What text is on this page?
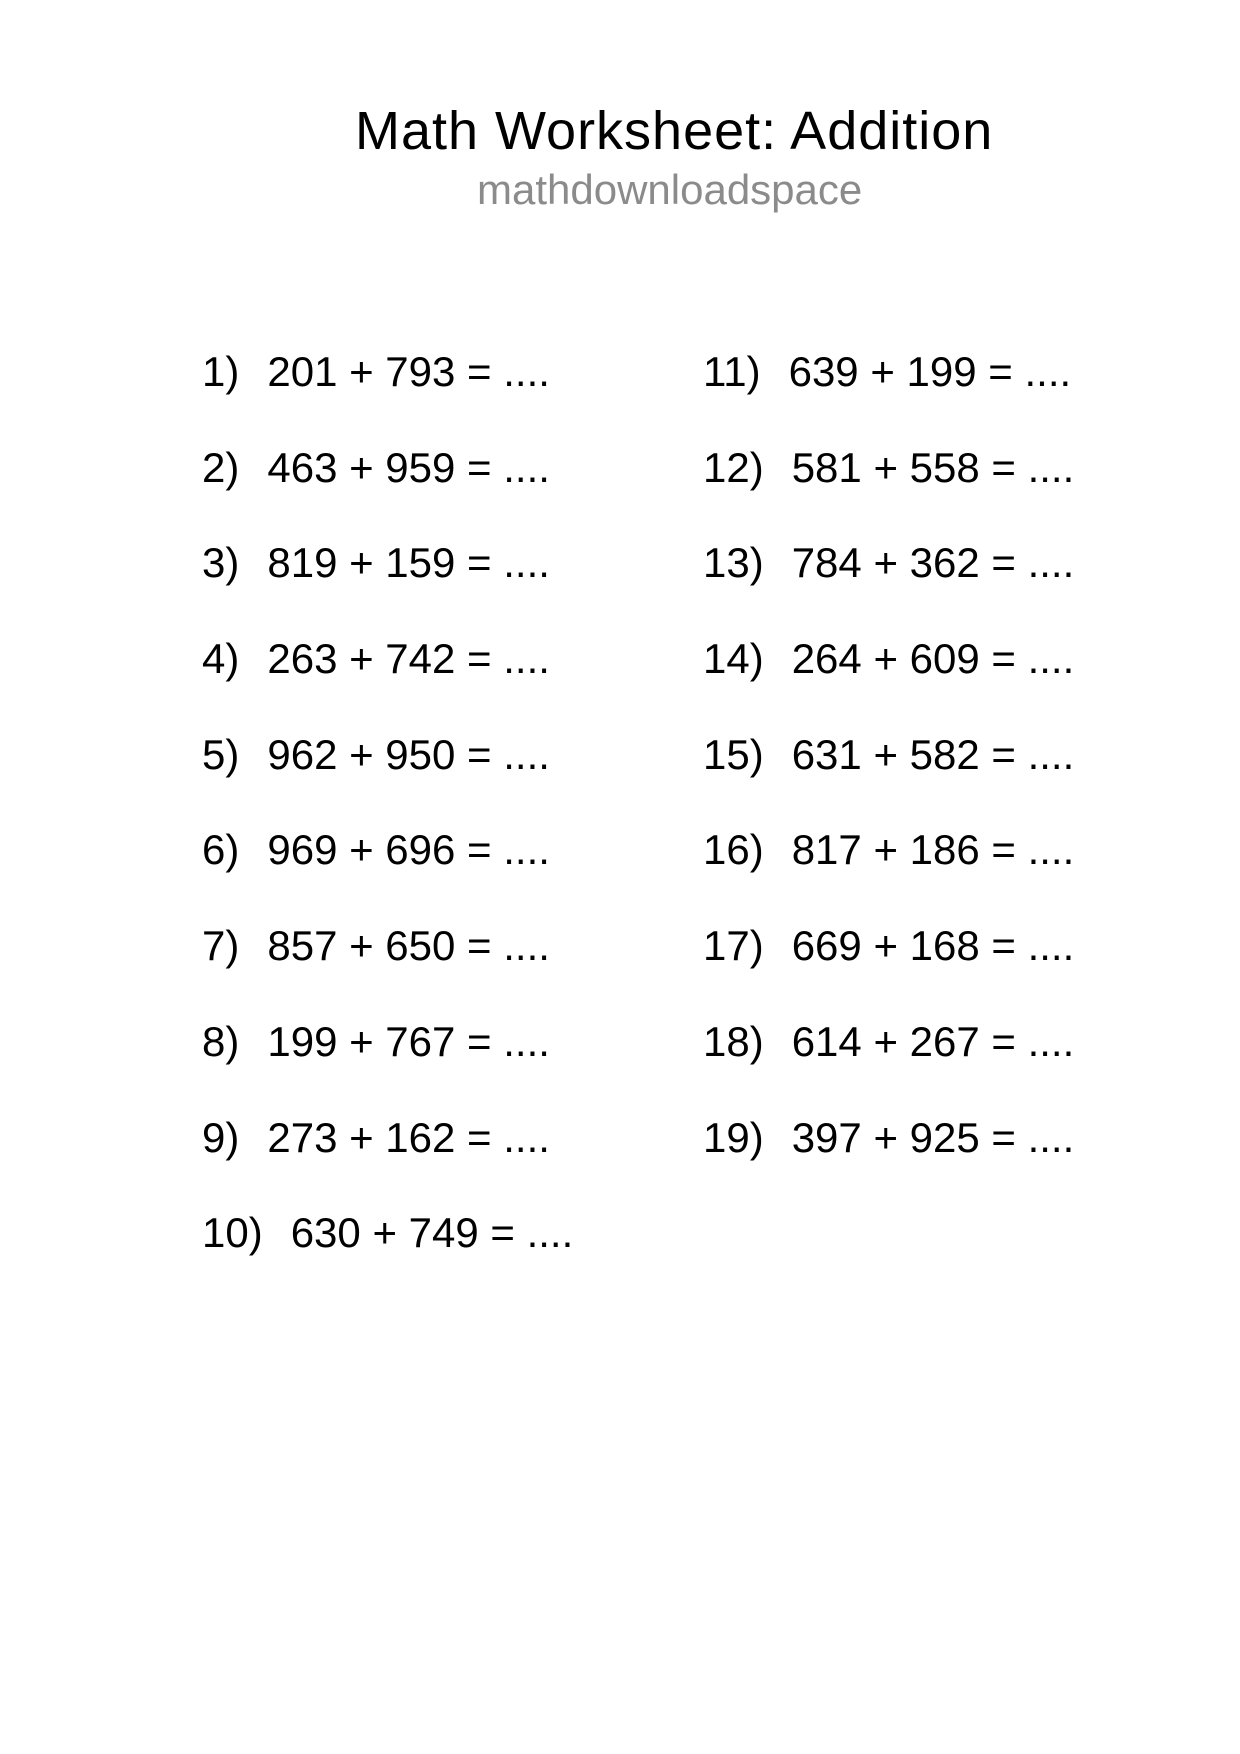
Math Worksheet: Addition
mathdownloadspace
1) 201 + 793 = ....
2) 463 + 959 = ....
3) 819 + 159 = ....
4) 263 + 742 = ....
5) 962 + 950 = ....
6) 969 + 696 = ....
7) 857 + 650 = ....
8) 199 + 767 = ....
9) 273 + 162 = ....
10) 630 + 749 = ....
11) 639 + 199 = ....
12) 581 + 558 = ....
13) 784 + 362 = ....
14) 264 + 609 = ....
15) 631 + 582 = ....
16) 817 + 186 = ....
17) 669 + 168 = ....
18) 614 + 267 = ....
19) 397 + 925 = ....
